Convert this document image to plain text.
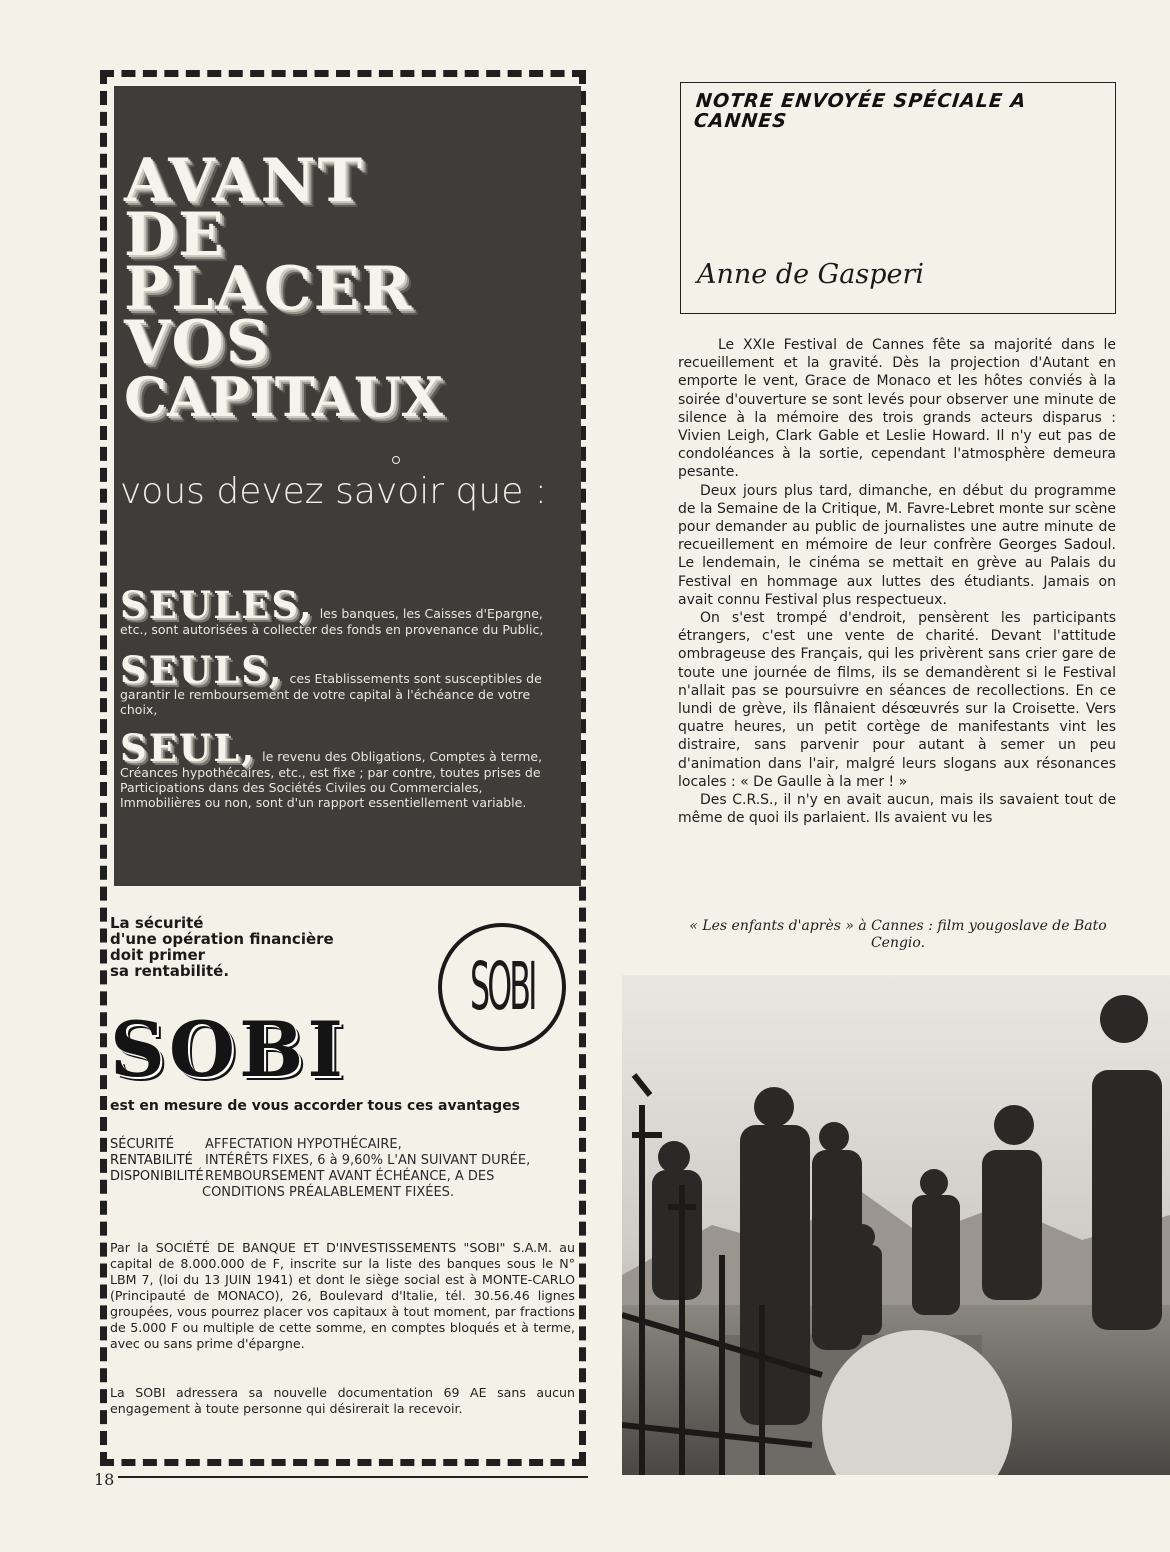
AVANT
DE
PLACER
VOS
CAPITAUX

vous devez savoir que :

SEULES, les banques, les Caisses d'Epargne, etc., sont autorisées à collecter des fonds en provenance du Public,

SEULS, ces Etablissements sont susceptibles de garantir le remboursement de votre capital à l'échéance de votre choix,

SEUL, le revenu des Obligations, Comptes à terme, Créances hypothécaires, etc., est fixe ; par contre, toutes prises de Participations dans des Sociétés Civiles ou Commerciales, Immobilières ou non, sont d'un rapport essentiellement variable.

La sécurité
d'une opération financière
doit primer
sa rentabilité.	SOBI

SOBI

est en mesure de vous accorder tous ces avantages

SÉCURITÉ	AFFECTATION HYPOTHÉCAIRE,
RENTABILITÉ INTÉRÊTS FIXES, 6 à 9,60% L'AN SUIVANT DURÉE,
DISPONIBILITÉ REMBOURSEMENT AVANT ÉCHÉANCE, A DES
CONDITIONS PRÉALABLEMENT FIXÉES.

Par la SOCIÉTÉ DE BANQUE ET D'INVESTISSEMENTS "SOBI" S.A.M. au capital de 8.000.000 de F, inscrite sur la liste des banques sous le N° LBM 7, (loi du 13 JUIN 1941) et dont le siège social est à MONTE-CARLO (Principauté de MONACO), 26, Boulevard d'Italie, tél. 30.56.46 lignes groupées, vous pourrez placer vos capitaux à tout moment, par fractions de 5.000 F ou multiple de cette somme, en comptes bloqués et à terme, avec ou sans prime d'épargne.

La SOBI adressera sa nouvelle documentation 69 AE sans aucun engagement à toute personne qui désirerait la recevoir.

NOTRE ENVOYÉE SPÉCIALE A CANNES

Anne de Gasperi

Le XXIe Festival de Cannes fête sa majorité dans le recueillement et la gravité. Dès la projection d'Autant en emporte le vent, Grace de Monaco et les hôtes conviés à la soirée d'ouverture se sont levés pour observer une minute de silence à la mémoire des trois grands acteurs disparus : Vivien Leigh, Clark Gable et Leslie Howard. Il n'y eut pas de condoléances à la sortie, cependant l'atmosphère demeura pesante.

Deux jours plus tard, dimanche, en début du programme de la Semaine de la Critique, M. Favre-Lebret monte sur scène pour demander au public de journalistes une autre minute de recueillement en mémoire de leur confrère Georges Sadoul. Le lendemain, le cinéma se mettait en grève au Palais du Festival en hommage aux luttes des étudiants. Jamais on avait connu Festival plus respectueux.

On s'est trompé d'endroit, pensèrent les participants étrangers, c'est une vente de charité. Devant l'attitude ombrageuse des Français, qui les privèrent sans crier gare de toute une journée de films, ils se demandèrent si le Festival n'allait pas se poursuivre en séances de recollections. En ce lundi de grève, ils flânaient désœuvrés sur la Croisette. Vers quatre heures, un petit cortège de manifestants vint les distraire, sans parvenir pour autant à semer un peu d'animation dans l'air, malgré leurs slogans aux résonances locales : « De Gaulle à la mer ! »

Des C.R.S., il n'y en avait aucun, mais ils savaient tout de même de quoi ils parlaient. Ils avaient vu les

« Les enfants d'après » à Cannes : film yougoslave de Bato Cengio.

18
